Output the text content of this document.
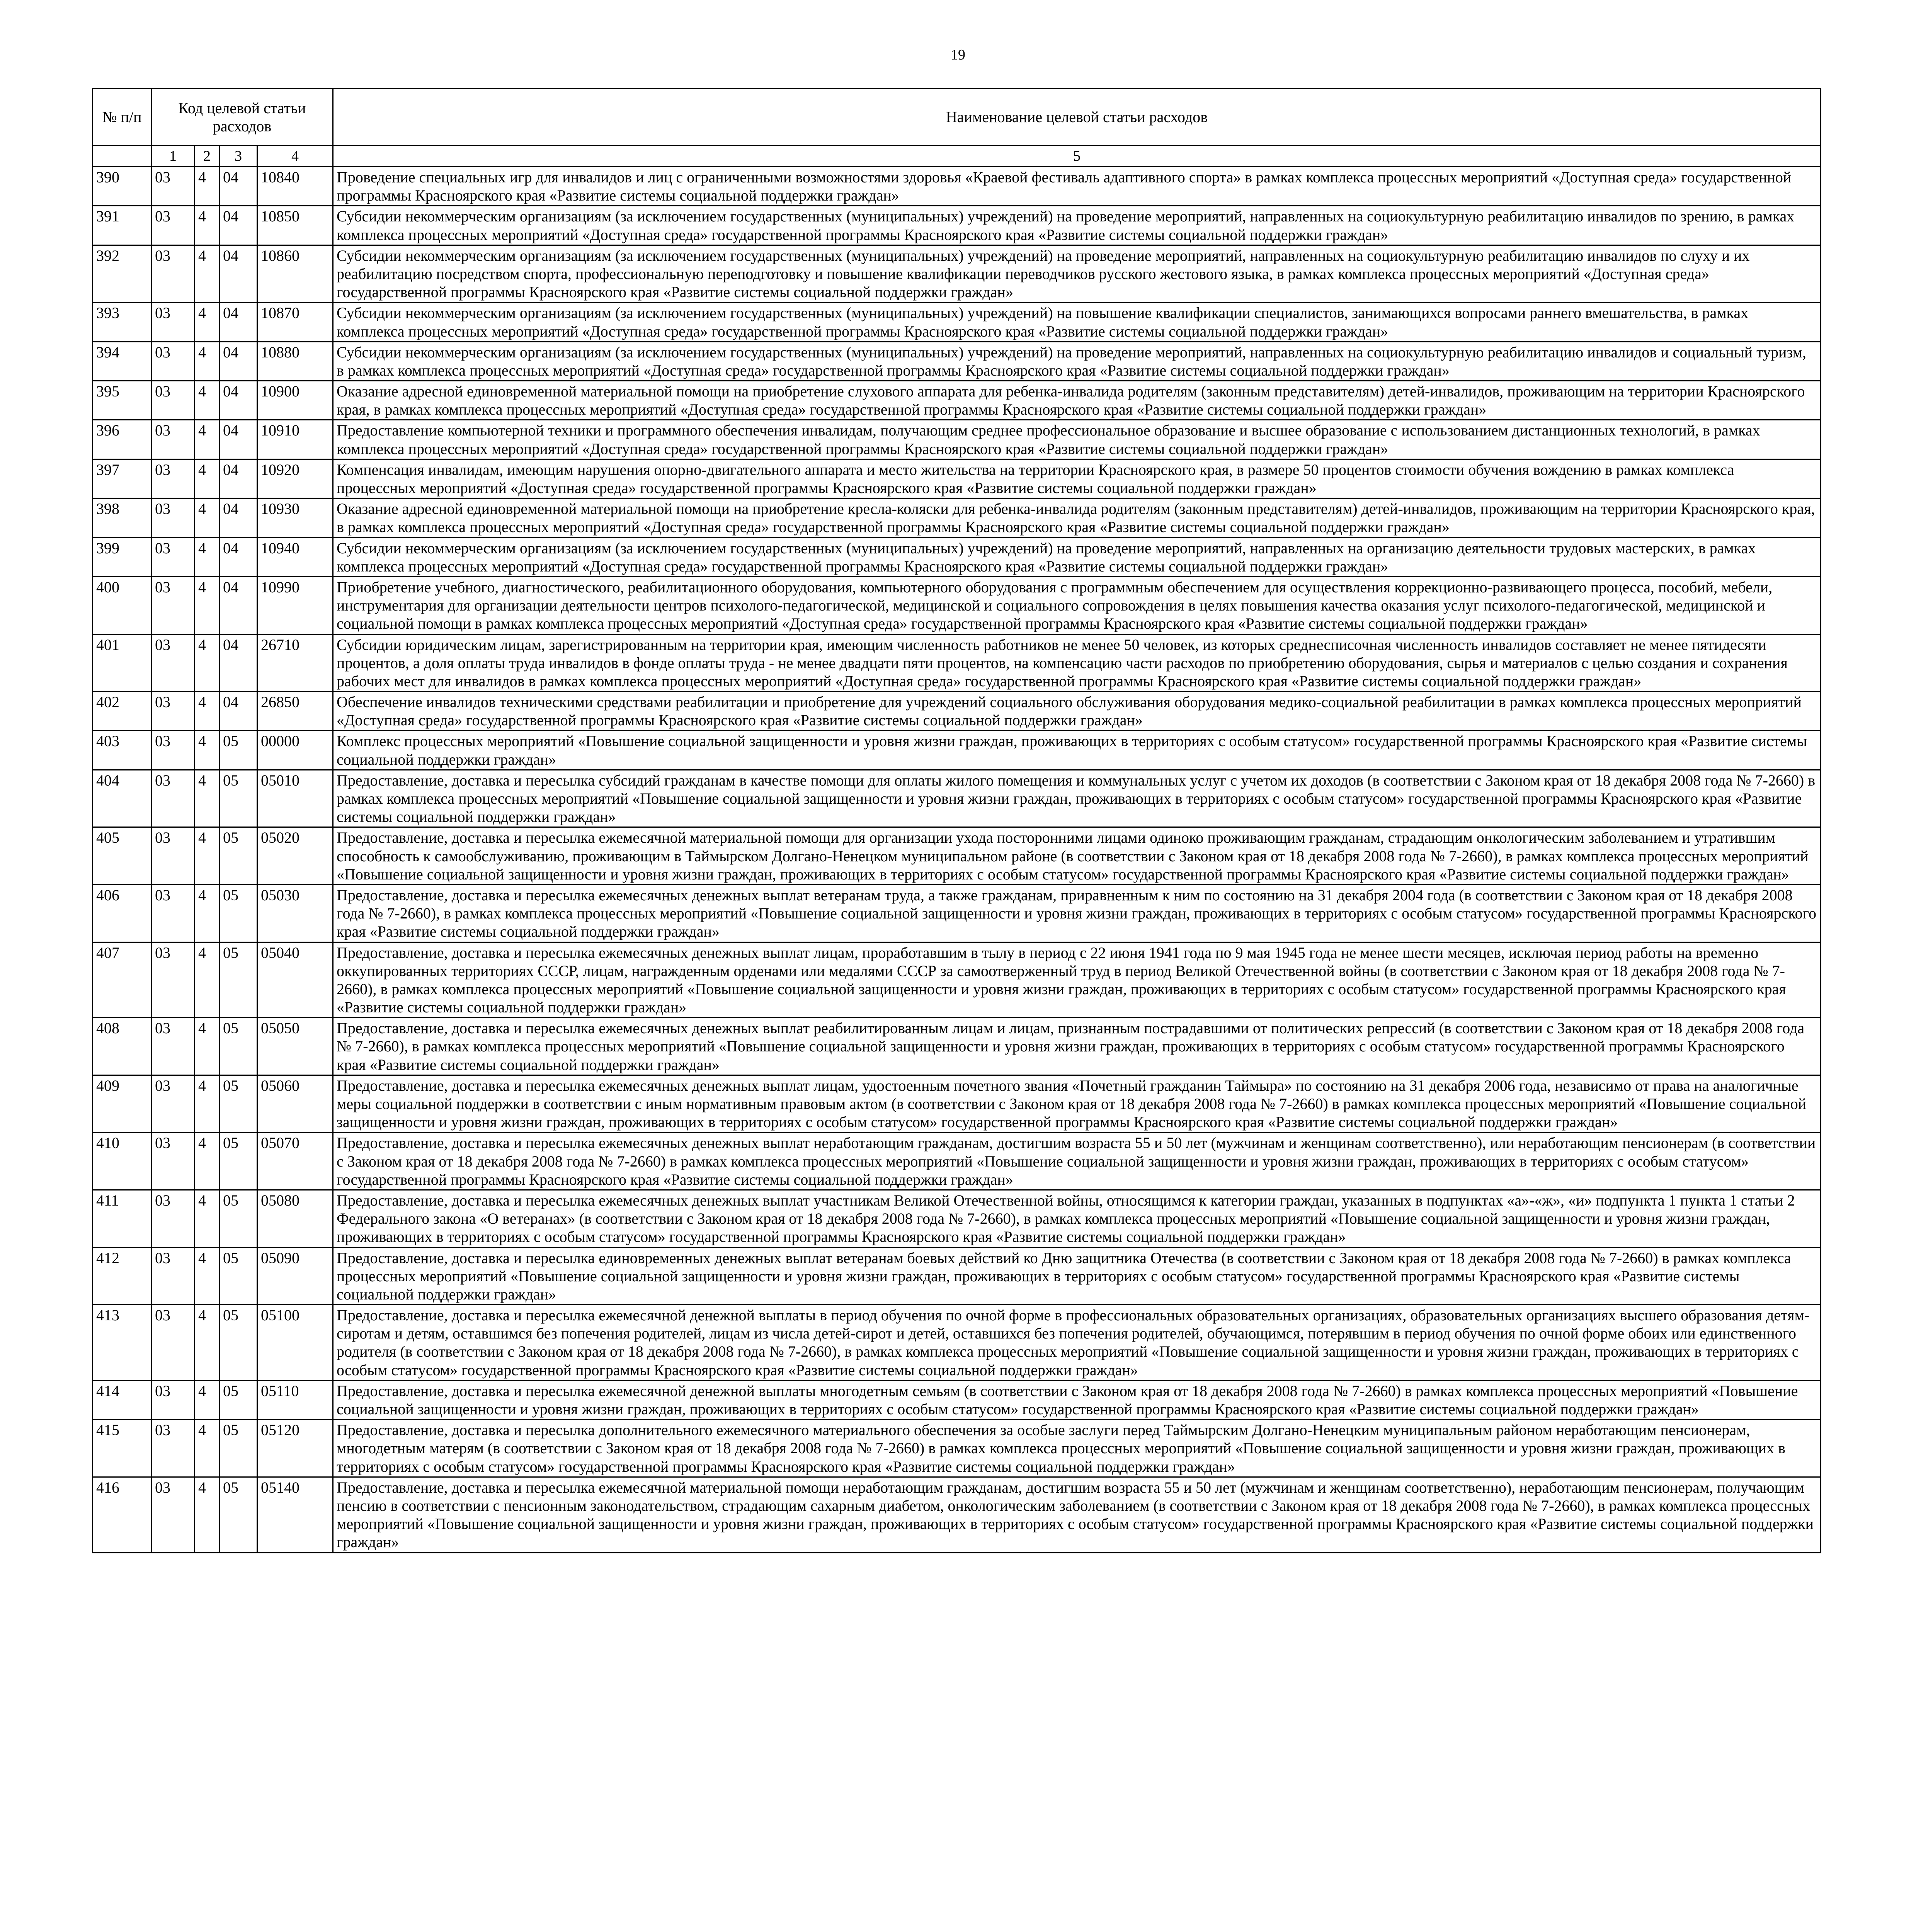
19
№ п/п	Код целевой статьи расходов				Наименование целевой статьи расходов
	1	2	3	4	5
390	03	4	04	10840	Проведение специальных игр для инвалидов и лиц с ограниченными возможностями здоровья «Краевой фестиваль адаптивного спорта» в рамках комплекса процессных мероприятий «Доступная среда» государственной программы Красноярского края «Развитие системы социальной поддержки граждан»
391	03	4	04	10850	Субсидии некоммерческим организациям (за исключением государственных (муниципальных) учреждений) на проведение мероприятий, направленных на социокультурную реабилитацию инвалидов по зрению, в рамках комплекса процессных мероприятий «Доступная среда» государственной программы Красноярского края «Развитие системы социальной поддержки граждан»
392	03	4	04	10860	Субсидии некоммерческим организациям (за исключением государственных (муниципальных) учреждений) на проведение мероприятий, направленных на социокультурную реабилитацию инвалидов по слуху и их реабилитацию посредством спорта, профессиональную переподготовку и повышение квалификации переводчиков русского жестового языка, в рамках комплекса процессных мероприятий «Доступная среда» государственной программы Красноярского края «Развитие системы социальной поддержки граждан»
393	03	4	04	10870	Субсидии некоммерческим организациям (за исключением государственных (муниципальных) учреждений) на повышение квалификации специалистов, занимающихся вопросами раннего вмешательства, в рамках комплекса процессных мероприятий «Доступная среда» государственной программы Красноярского края «Развитие системы социальной поддержки граждан»
394	03	4	04	10880	Субсидии некоммерческим организациям (за исключением государственных (муниципальных) учреждений) на проведение мероприятий, направленных на социокультурную реабилитацию инвалидов и социальный туризм, в рамках комплекса процессных мероприятий «Доступная среда» государственной программы Красноярского края «Развитие системы социальной поддержки граждан»
395	03	4	04	10900	Оказание адресной единовременной материальной помощи на приобретение слухового аппарата для ребенка-инвалида родителям (законным представителям) детей-инвалидов, проживающим на территории Красноярского края, в рамках комплекса процессных мероприятий «Доступная среда» государственной программы Красноярского края «Развитие системы социальной поддержки граждан»
396	03	4	04	10910	Предоставление компьютерной техники и программного обеспечения инвалидам, получающим среднее профессиональное образование и высшее образование с использованием дистанционных технологий, в рамках комплекса процессных мероприятий «Доступная среда» государственной программы Красноярского края «Развитие системы социальной поддержки граждан»
397	03	4	04	10920	Компенсация инвалидам, имеющим нарушения опорно-двигательного аппарата и место жительства на территории Красноярского края, в размере 50 процентов стоимости обучения вождению в рамках комплекса процессных мероприятий «Доступная среда» государственной программы Красноярского края «Развитие системы социальной поддержки граждан»
398	03	4	04	10930	Оказание адресной единовременной материальной помощи на приобретение кресла-коляски для ребенка-инвалида родителям (законным представителям) детей-инвалидов, проживающим на территории Красноярского края, в рамках комплекса процессных мероприятий «Доступная среда» государственной программы Красноярского края «Развитие системы социальной поддержки граждан»
399	03	4	04	10940	Субсидии некоммерческим организациям (за исключением государственных (муниципальных) учреждений) на проведение мероприятий, направленных на организацию деятельности трудовых мастерских, в рамках комплекса процессных мероприятий «Доступная среда» государственной программы Красноярского края «Развитие системы социальной поддержки граждан»
400	03	4	04	10990	Приобретение учебного, диагностического, реабилитационного оборудования, компьютерного оборудования с программным обеспечением для осуществления коррекционно-развивающего процесса, пособий, мебели, инструментария для организации деятельности центров психолого-педагогической, медицинской и социального сопровождения в целях повышения качества оказания услуг психолого-педагогической, медицинской и социальной помощи в рамках комплекса процессных мероприятий «Доступная среда» государственной программы Красноярского края «Развитие системы социальной поддержки граждан»
401	03	4	04	26710	Субсидии юридическим лицам, зарегистрированным на территории края, имеющим численность работников не менее 50 человек, из которых среднесписочная численность инвалидов составляет не менее пятидесяти процентов, а доля оплаты труда инвалидов в фонде оплаты труда - не менее двадцати пяти процентов, на компенсацию части расходов по приобретению оборудования, сырья и материалов с целью создания и сохранения рабочих мест для инвалидов в рамках комплекса процессных мероприятий «Доступная среда» государственной программы Красноярского края «Развитие системы социальной поддержки граждан»
402	03	4	04	26850	Обеспечение инвалидов техническими средствами реабилитации и приобретение для учреждений социального обслуживания оборудования медико-социальной реабилитации в рамках комплекса процессных мероприятий «Доступная среда» государственной программы Красноярского края «Развитие системы социальной поддержки граждан»
403	03	4	05	00000	Комплекс процессных мероприятий «Повышение социальной защищенности и уровня жизни граждан, проживающих в территориях с особым статусом» государственной программы Красноярского края «Развитие системы социальной поддержки граждан»
404	03	4	05	05010	Предоставление, доставка и пересылка субсидий гражданам в качестве помощи для оплаты жилого помещения и коммунальных услуг с учетом их доходов (в соответствии с Законом края от 18 декабря 2008 года № 7-2660) в рамках комплекса процессных мероприятий «Повышение социальной защищенности и уровня жизни граждан, проживающих в территориях с особым статусом» государственной программы Красноярского края «Развитие системы социальной поддержки граждан»
405	03	4	05	05020	Предоставление, доставка и пересылка ежемесячной материальной помощи для организации ухода посторонними лицами одиноко проживающим гражданам, страдающим онкологическим заболеванием и утратившим способность к самообслуживанию, проживающим в Таймырском Долгано-Ненецком муниципальном районе (в соответствии с Законом края от 18 декабря 2008 года № 7-2660), в рамках комплекса процессных мероприятий «Повышение социальной защищенности и уровня жизни граждан, проживающих в территориях с особым статусом» государственной программы Красноярского края «Развитие системы социальной поддержки граждан»
406	03	4	05	05030	Предоставление, доставка и пересылка ежемесячных денежных выплат ветеранам труда, а также гражданам, приравненным к ним по состоянию на 31 декабря 2004 года (в соответствии с Законом края от 18 декабря 2008 года № 7-2660), в рамках комплекса процессных мероприятий «Повышение социальной защищенности и уровня жизни граждан, проживающих в территориях с особым статусом» государственной программы Красноярского края «Развитие системы социальной поддержки граждан»
407	03	4	05	05040	Предоставление, доставка и пересылка ежемесячных денежных выплат лицам, проработавшим в тылу в период с 22 июня 1941 года по 9 мая 1945 года не менее шести месяцев, исключая период работы на временно оккупированных территориях СССР, лицам, награжденным орденами или медалями СССР за самоотверженный труд в период Великой Отечественной войны (в соответствии с Законом края от 18 декабря 2008 года № 7-2660), в рамках комплекса процессных мероприятий «Повышение социальной защищенности и уровня жизни граждан, проживающих в территориях с особым статусом» государственной программы Красноярского края «Развитие системы социальной поддержки граждан»
408	03	4	05	05050	Предоставление, доставка и пересылка ежемесячных денежных выплат реабилитированным лицам и лицам, признанным пострадавшими от политических репрессий (в соответствии с Законом края от 18 декабря 2008 года № 7-2660), в рамках комплекса процессных мероприятий «Повышение социальной защищенности и уровня жизни граждан, проживающих в территориях с особым статусом» государственной программы Красноярского края «Развитие системы социальной поддержки граждан»
409	03	4	05	05060	Предоставление, доставка и пересылка ежемесячных денежных выплат лицам, удостоенным почетного звания «Почетный гражданин Таймыра» по состоянию на 31 декабря 2006 года, независимо от права на аналогичные меры социальной поддержки в соответствии с иным нормативным правовым актом (в соответствии с Законом края от 18 декабря 2008 года № 7-2660) в рамках комплекса процессных мероприятий «Повышение социальной защищенности и уровня жизни граждан, проживающих в территориях с особым статусом» государственной программы Красноярского края «Развитие системы социальной поддержки граждан»
410	03	4	05	05070	Предоставление, доставка и пересылка ежемесячных денежных выплат неработающим гражданам, достигшим возраста 55 и 50 лет (мужчинам и женщинам соответственно), или неработающим пенсионерам (в соответствии с Законом края от 18 декабря 2008 года № 7-2660) в рамках комплекса процессных мероприятий «Повышение социальной защищенности и уровня жизни граждан, проживающих в территориях с особым статусом» государственной программы Красноярского края «Развитие системы социальной поддержки граждан»
411	03	4	05	05080	Предоставление, доставка и пересылка ежемесячных денежных выплат участникам Великой Отечественной войны, относящимся к категории граждан, указанных в подпунктах «а»-«ж», «и» подпункта 1 пункта 1 статьи 2 Федерального закона «О ветеранах» (в соответствии с Законом края от 18 декабря 2008 года № 7-2660), в рамках комплекса процессных мероприятий «Повышение социальной защищенности и уровня жизни граждан, проживающих в территориях с особым статусом» государственной программы Красноярского края «Развитие системы социальной поддержки граждан»
412	03	4	05	05090	Предоставление, доставка и пересылка единовременных денежных выплат ветеранам боевых действий ко Дню защитника Отечества (в соответствии с Законом края от 18 декабря 2008 года № 7-2660) в рамках комплекса процессных мероприятий «Повышение социальной защищенности и уровня жизни граждан, проживающих в территориях с особым статусом» государственной программы Красноярского края «Развитие системы социальной поддержки граждан»
413	03	4	05	05100	Предоставление, доставка и пересылка ежемесячной денежной выплаты в период обучения по очной форме в профессиональных образовательных организациях, образовательных организациях высшего образования детям-сиротам и детям, оставшимся без попечения родителей, лицам из числа детей-сирот и детей, оставшихся без попечения родителей, обучающимся, потерявшим в период обучения по очной форме обоих или единственного родителя (в соответствии с Законом края от 18 декабря 2008 года № 7-2660), в рамках комплекса процессных мероприятий «Повышение социальной защищенности и уровня жизни граждан, проживающих в территориях с особым статусом» государственной программы Красноярского края «Развитие системы социальной поддержки граждан»
414	03	4	05	05110	Предоставление, доставка и пересылка ежемесячной денежной выплаты многодетным семьям (в соответствии с Законом края от 18 декабря 2008 года № 7-2660) в рамках комплекса процессных мероприятий «Повышение социальной защищенности и уровня жизни граждан, проживающих в территориях с особым статусом» государственной программы Красноярского края «Развитие системы социальной поддержки граждан»
415	03	4	05	05120	Предоставление, доставка и пересылка дополнительного ежемесячного материального обеспечения за особые заслуги перед Таймырским Долгано-Ненецким муниципальным районом неработающим пенсионерам, многодетным матерям (в соответствии с Законом края от 18 декабря 2008 года № 7-2660) в рамках комплекса процессных мероприятий «Повышение социальной защищенности и уровня жизни граждан, проживающих в территориях с особым статусом» государственной программы Красноярского края «Развитие системы социальной поддержки граждан»
416	03	4	05	05140	Предоставление, доставка и пересылка ежемесячной материальной помощи неработающим гражданам, достигшим возраста 55 и 50 лет (мужчинам и женщинам соответственно), неработающим пенсионерам, получающим пенсию в соответствии с пенсионным законодательством, страдающим сахарным диабетом, онкологическим заболеванием (в соответствии с Законом края от 18 декабря 2008 года № 7-2660), в рамках комплекса процессных мероприятий «Повышение социальной защищенности и уровня жизни граждан, проживающих в территориях с особым статусом» государственной программы Красноярского края «Развитие системы социальной поддержки граждан»
